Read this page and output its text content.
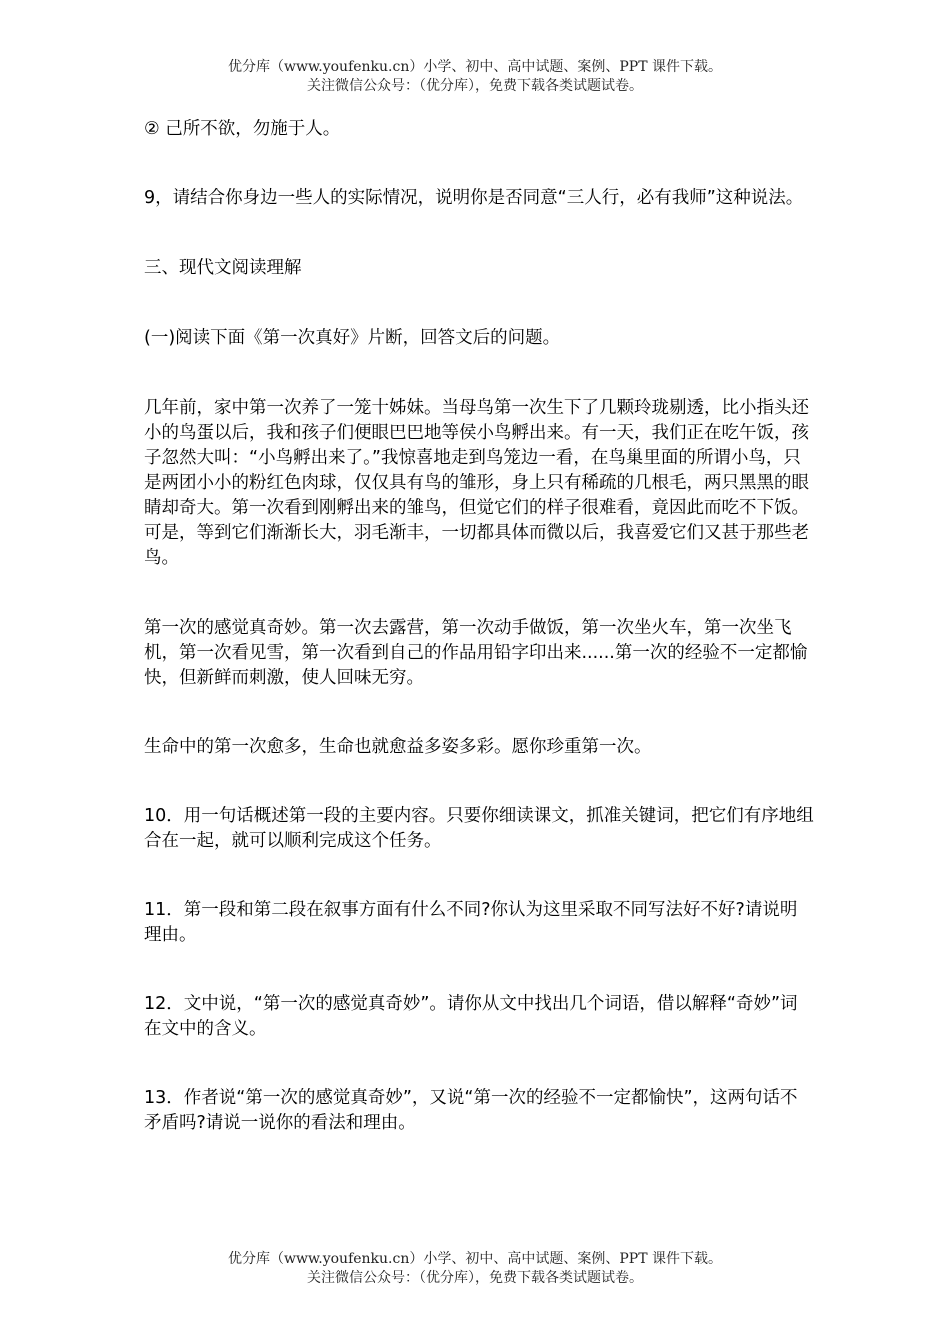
优分库（www.youfenku.cn）小学、初中、高中试题、案例、PPT 课件下载。
关注微信公众号：（优分库），免费下载各类试题试卷。

② 己所不欲，勿施于人。

9，请结合你身边一些人的实际情况，说明你是否同意“三人行，必有我师”这种说法。

三、现代文阅读理解

(一)阅读下面《第一次真好》片断，回答文后的问题。

几年前，家中第一次养了一笼十姊妹。当母鸟第一次生下了几颗玲珑剔透，比小指头还小的鸟蛋以后，我和孩子们便眼巴巴地等侯小鸟孵出来。有一天，我们正在吃午饭，孩子忽然大叫：“小鸟孵出来了。”我惊喜地走到鸟笼边一看，在鸟巢里面的所谓小鸟，只是两团小小的粉红色肉球，仅仅具有鸟的雏形，身上只有稀疏的几根毛，两只黑黑的眼睛却奇大。第一次看到刚孵出来的雏鸟，但觉它们的样子很难看，竟因此而吃不下饭。可是，等到它们渐渐长大，羽毛渐丰，一切都具体而微以后，我喜爱它们又甚于那些老鸟。

第一次的感觉真奇妙。第一次去露营，第一次动手做饭，第一次坐火车，第一次坐飞机，第一次看见雪，第一次看到自己的作品用铅字印出来......第一次的经验不一定都愉快，但新鲜而刺激，使人回味无穷。

生命中的第一次愈多，生命也就愈益多姿多彩。愿你珍重第一次。

10．用一句话概述第一段的主要内容。只要你细读课文，抓准关键词，把它们有序地组合在一起，就可以顺利完成这个任务。

11．第一段和第二段在叙事方面有什么不同?你认为这里采取不同写法好不好?请说明理由。

12．文中说，“第一次的感觉真奇妙”。请你从文中找出几个词语，借以解释“奇妙”词在文中的含义。

13．作者说“第一次的感觉真奇妙”，又说“第一次的经验不一定都愉快”，这两句话不矛盾吗?请说一说你的看法和理由。

优分库（www.youfenku.cn）小学、初中、高中试题、案例、PPT 课件下载。
关注微信公众号：（优分库），免费下载各类试题试卷。
